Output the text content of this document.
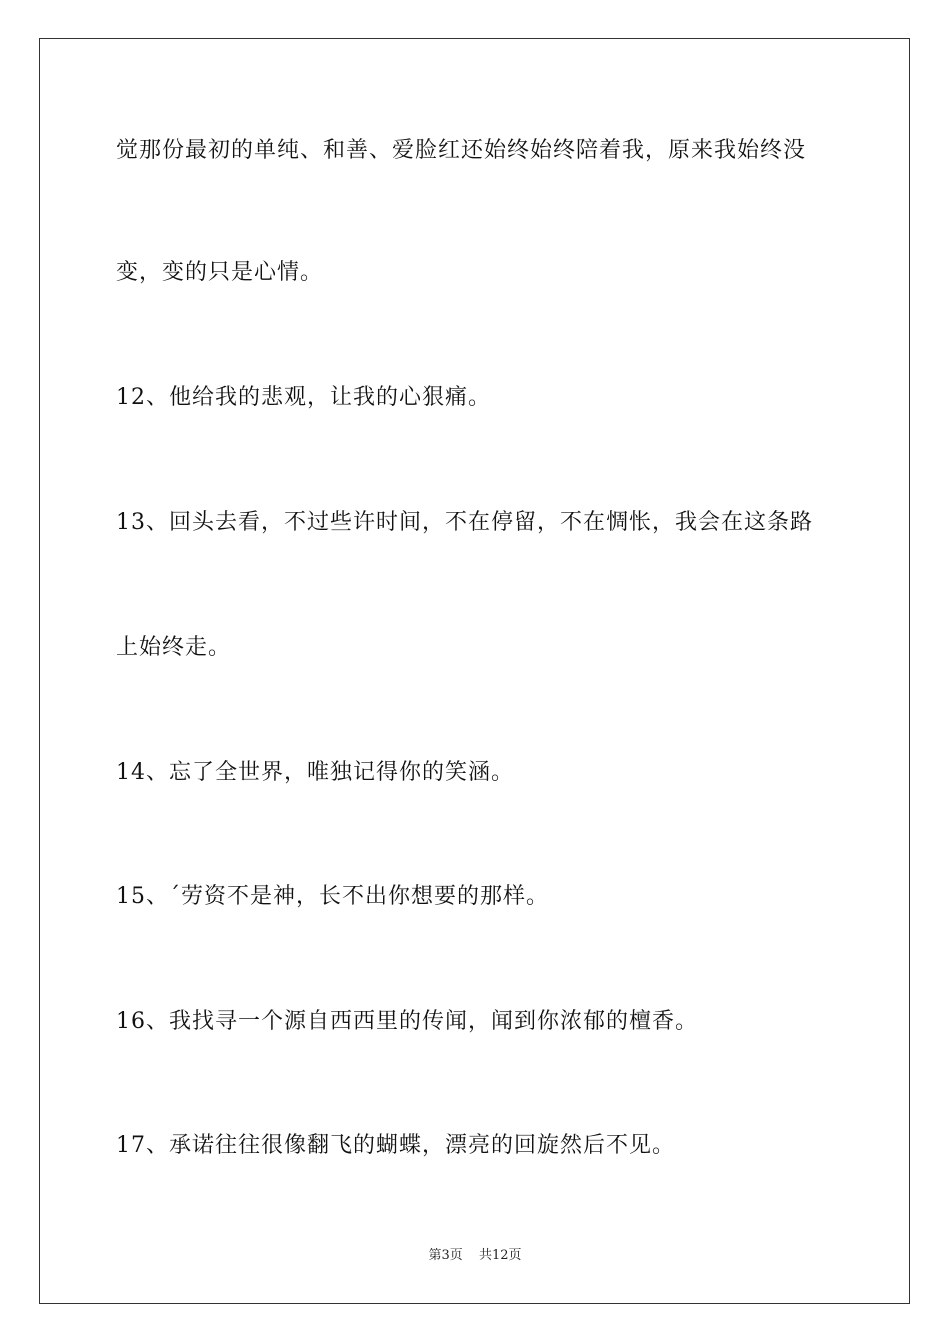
觉那份最初的单纯、和善、爱脸红还始终始终陪着我，原来我始终没
变，变的只是心情。
12、他给我的悲观，让我的心狠痛。
13、回头去看，不过些许时间，不在停留，不在惆怅，我会在这条路
上始终走。
14、忘了全世界，唯独记得你的笑涵。
15、ˊ劳资不是神，长不出你想要的那样。
16、我找寻一个源自西西里的传闻，闻到你浓郁的檀香。
17、承诺往往很像翻飞的蝴蝶，漂亮的回旋然后不见。
第3页 共12页
